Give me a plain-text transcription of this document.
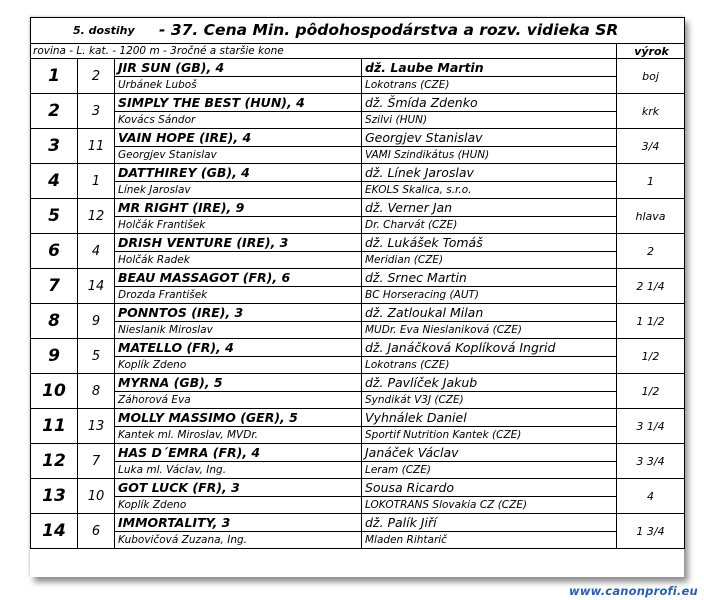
5. dostihy - 37. Cena Min. pôdohospodárstva a rozv. vidieka SR				

rovina - L. kat. - 1200 m - 3ročné a staršie kone				výrok
1	2	JIR SUN (GB), 4	dž. Laube Martin	boj
		Urbánek Luboš	Lokotrans (CZE)	
2	3	SIMPLY THE BEST (HUN), 4	dž. Šmída Zdenko	krk
		Kovács Sándor	Szilvi (HUN)	
3	11	VAIN HOPE (IRE), 4	Georgjev Stanislav	3/4
		Georgjev Stanislav	VAMI Szindikátus (HUN)	
4	1	DATTHIREY (GB), 4	dž. Línek Jaroslav	1
		Línek Jaroslav	EKOLS Skalica, s.r.o.	
5	12	MR RIGHT (IRE), 9	dž. Verner Jan	hlava
		Holčák František	Dr. Charvát (CZE)	
6	4	DRISH VENTURE (IRE), 3	dž. Lukášek Tomáš	2
		Holčák Radek	Meridian (CZE)	
7	14	BEAU MASSAGOT (FR), 6	dž. Srnec Martin	2 1/4
		Drozda František	BC Horseracing (AUT)	
8	9	PONNTOS (IRE), 3	dž. Zatloukal Milan	1 1/2
		Nieslanik Miroslav	MUDr. Eva Nieslaniková (CZE)	
9	5	MATELLO (FR), 4	dž. Janáčková Koplíková Ingrid	1/2
		Koplík Zdeno	Lokotrans (CZE)	
10	8	MYRNA (GB), 5	dž. Pavlíček Jakub	1/2
		Záhorová Eva	Syndikát V3J (CZE)	
11	13	MOLLY MASSIMO (GER), 5	Vyhnálek Daniel	3 1/4
		Kantek ml. Miroslav, MVDr.	Sportif Nutrition Kantek (CZE)	
12	7	HAS D´EMRA (FR), 4	Janáček Václav	3 3/4
		Luka ml. Václav, Ing.	Leram (CZE)	
13	10	GOT LUCK (FR), 3	Sousa Ricardo	4
		Koplík Zdeno	LOKOTRANS Slovakia CZ (CZE)	
14	6	IMMORTALITY, 3	dž. Palík Jiří	1 3/4
		Kubovičová Zuzana, Ing.	Mladen Rihtarič	
www.canonprofi.eu
